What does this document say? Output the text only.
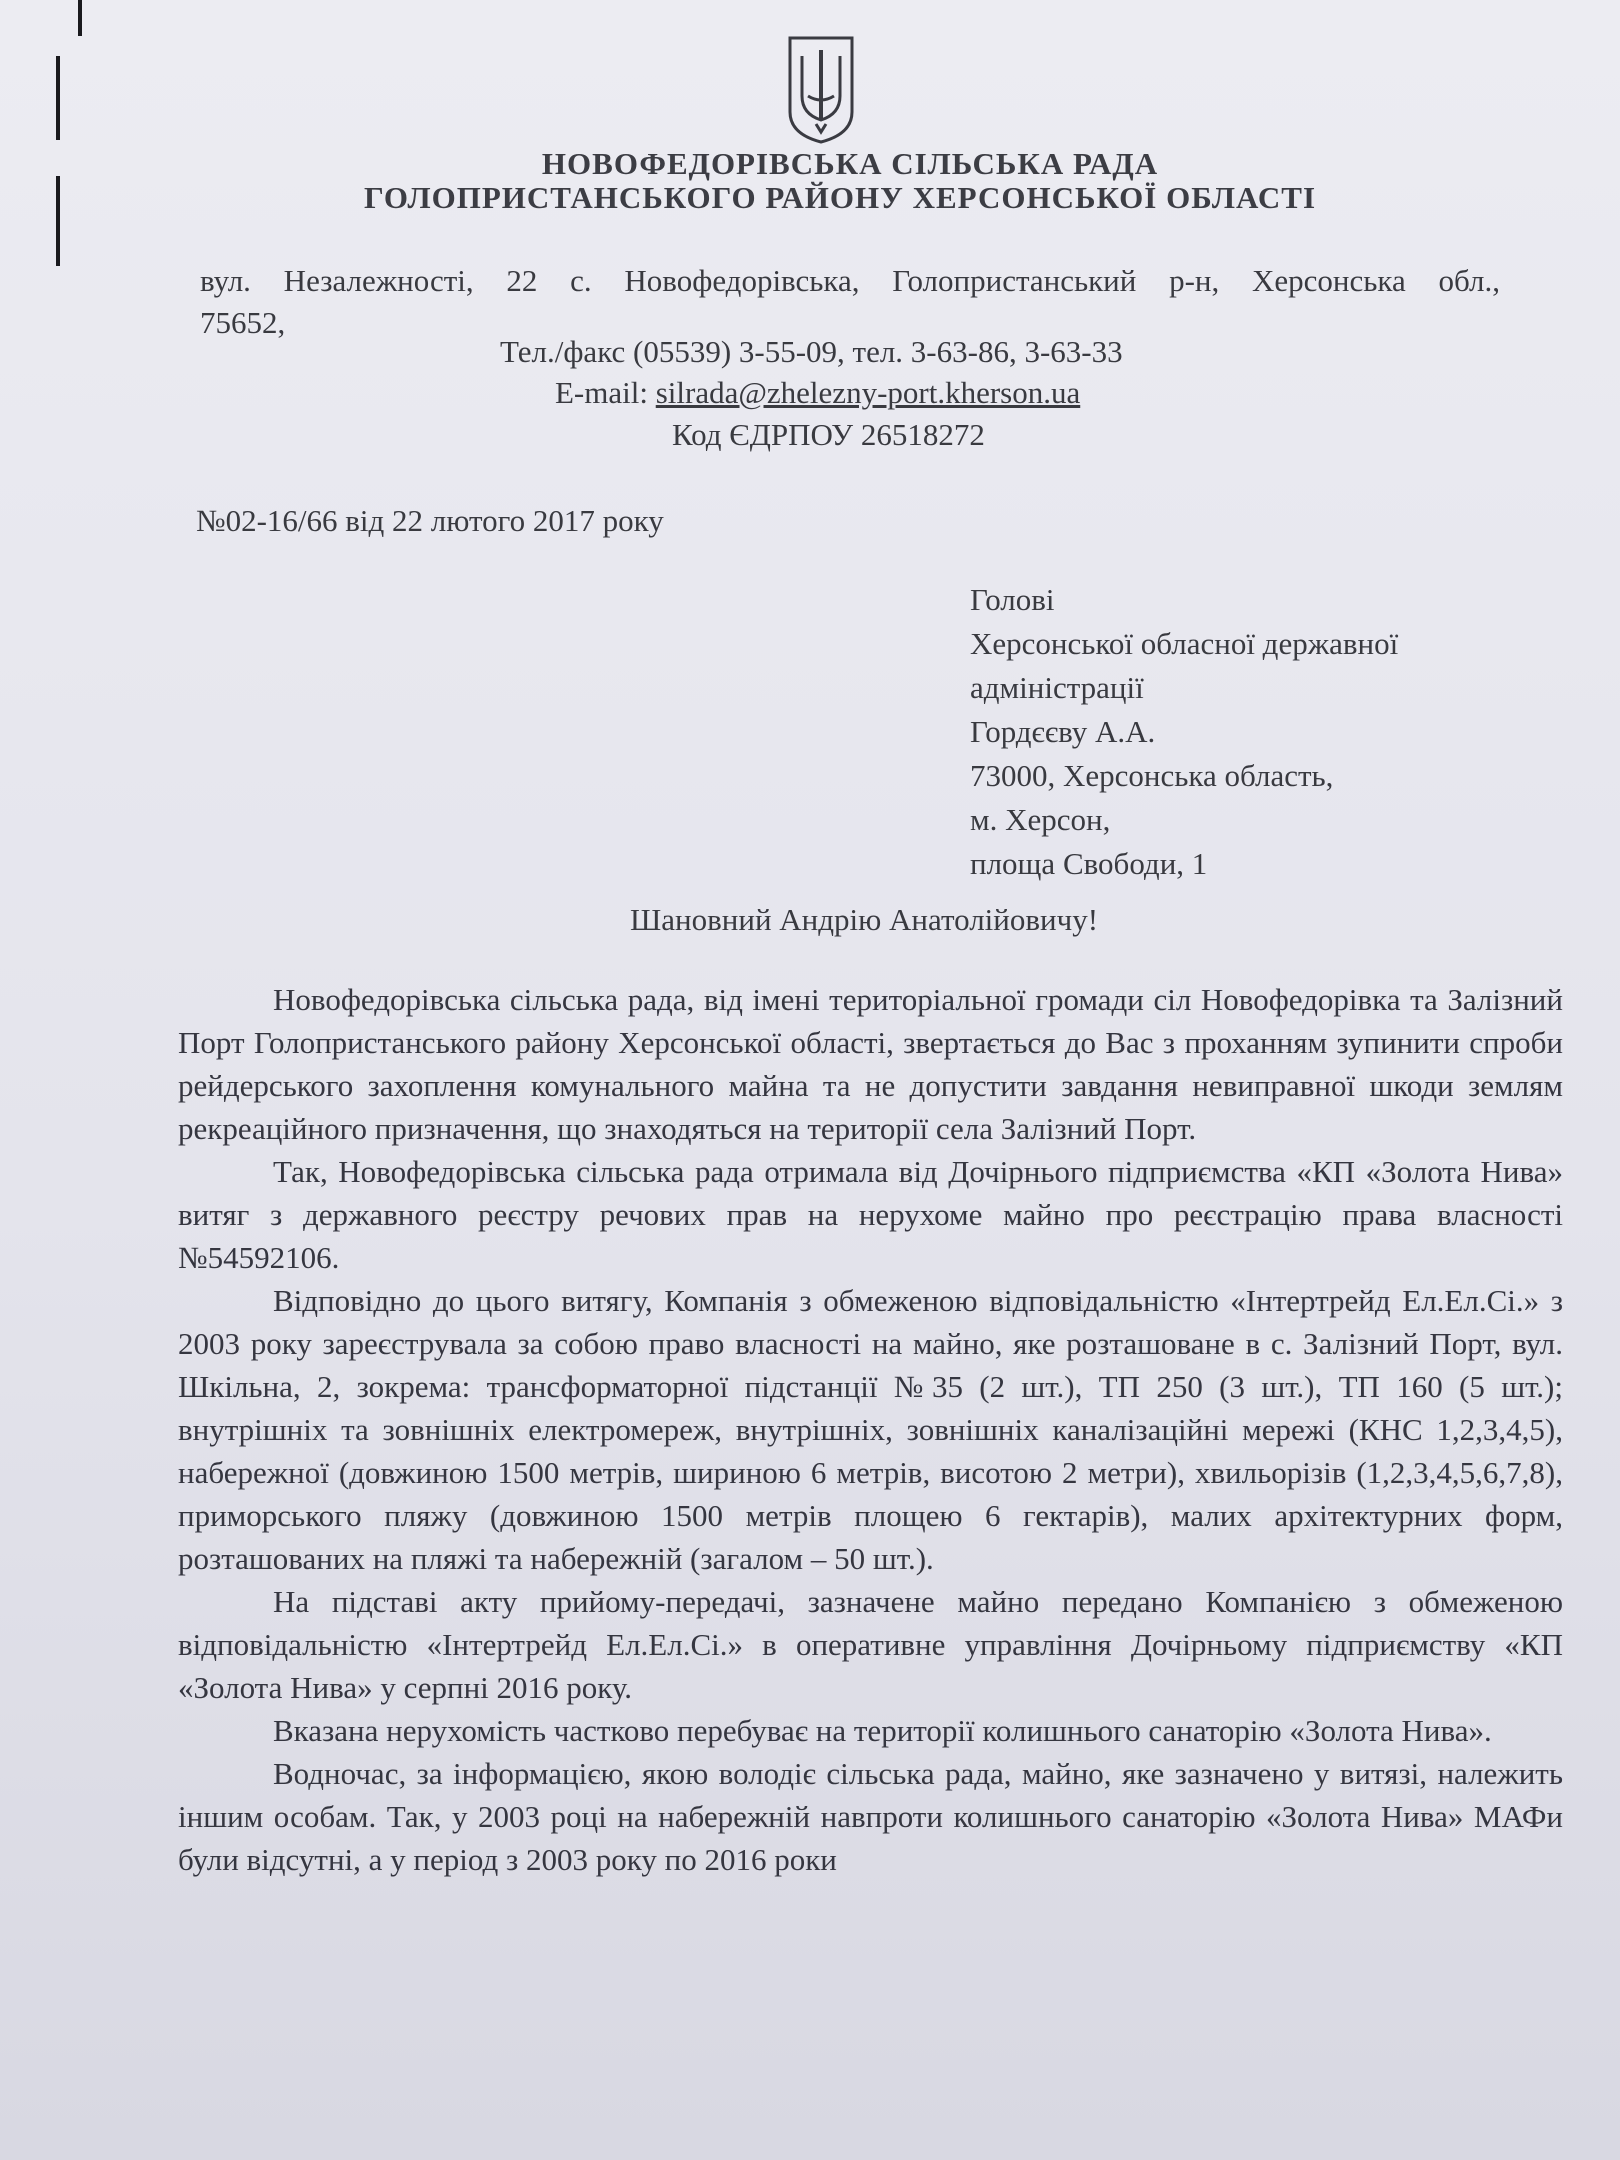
НОВОФЕДОРІВСЬКА СІЛЬСЬКА РАДА
ГОЛОПРИСТАНСЬКОГО РАЙОНУ ХЕРСОНСЬКОЇ ОБЛАСТІ
вул. Незалежності, 22 с. Новофедорівська, Голопристанський р-н, Херсонська обл.,
75652,
Тел./факс (05539) 3-55-09, тел. 3-63-86, 3-63-33
E-mail: silrada@zhelezny-port.kherson.ua
Код ЄДРПОУ 26518272
№02-16/66 від 22 лютого 2017 року
Голові
Херсонської обласної державної
адміністрації
Гордєєву А.А.
73000, Херсонська область,
м. Херсон,
площа Свободи, 1
Шановний Андрію Анатолійовичу!

Новофедорівська сільська рада, від імені територіальної громади сіл Новофедорівка та Залізний Порт Голопристанського району Херсонської області, звертається до Вас з проханням зупинити спроби рейдерського захоплення комунального майна та не допустити завдання невиправної шкоди землям рекреаційного призначення, що знаходяться на території села Залізний Порт.

Так, Новофедорівська сільська рада отримала від Дочірнього підприємства «КП «Золота Нива» витяг з державного реєстру речових прав на нерухоме майно про реєстрацію права власності №54592106.

Відповідно до цього витягу, Компанія з обмеженою відповідальністю «Інтертрейд Ел.Ел.Сі.» з 2003 року зареєструвала за собою право власності на майно, яке розташоване в с. Залізний Порт, вул. Шкільна, 2, зокрема: трансформаторної підстанції №35 (2 шт.), ТП 250 (3 шт.), ТП 160 (5 шт.); внутрішніх та зовнішніх електромереж, внутрішніх, зовнішніх каналізаційні мережі (КНС 1,2,3,4,5), набережної (довжиною 1500 метрів, шириною 6 метрів, висотою 2 метри), хвильорізів (1,2,3,4,5,6,7,8), приморського пляжу (довжиною 1500 метрів площею 6 гектарів), малих архітектурних форм, розташованих на пляжі та набережній (загалом – 50 шт.).

На підставі акту прийому-передачі, зазначене майно передано Компанією з обмеженою відповідальністю «Інтертрейд Ел.Ел.Сі.» в оперативне управління Дочірньому підприємству «КП «Золота Нива» у серпні 2016 року.

Вказана нерухомість частково перебуває на території колишнього санаторію «Золота Нива».

Водночас, за інформацією, якою володіє сільська рада, майно, яке зазначено у витязі, належить іншим особам. Так, у 2003 році на набережній навпроти колишнього санаторію «Золота Нива» МАФи були відсутні, а у період з 2003 року по 2016 роки
